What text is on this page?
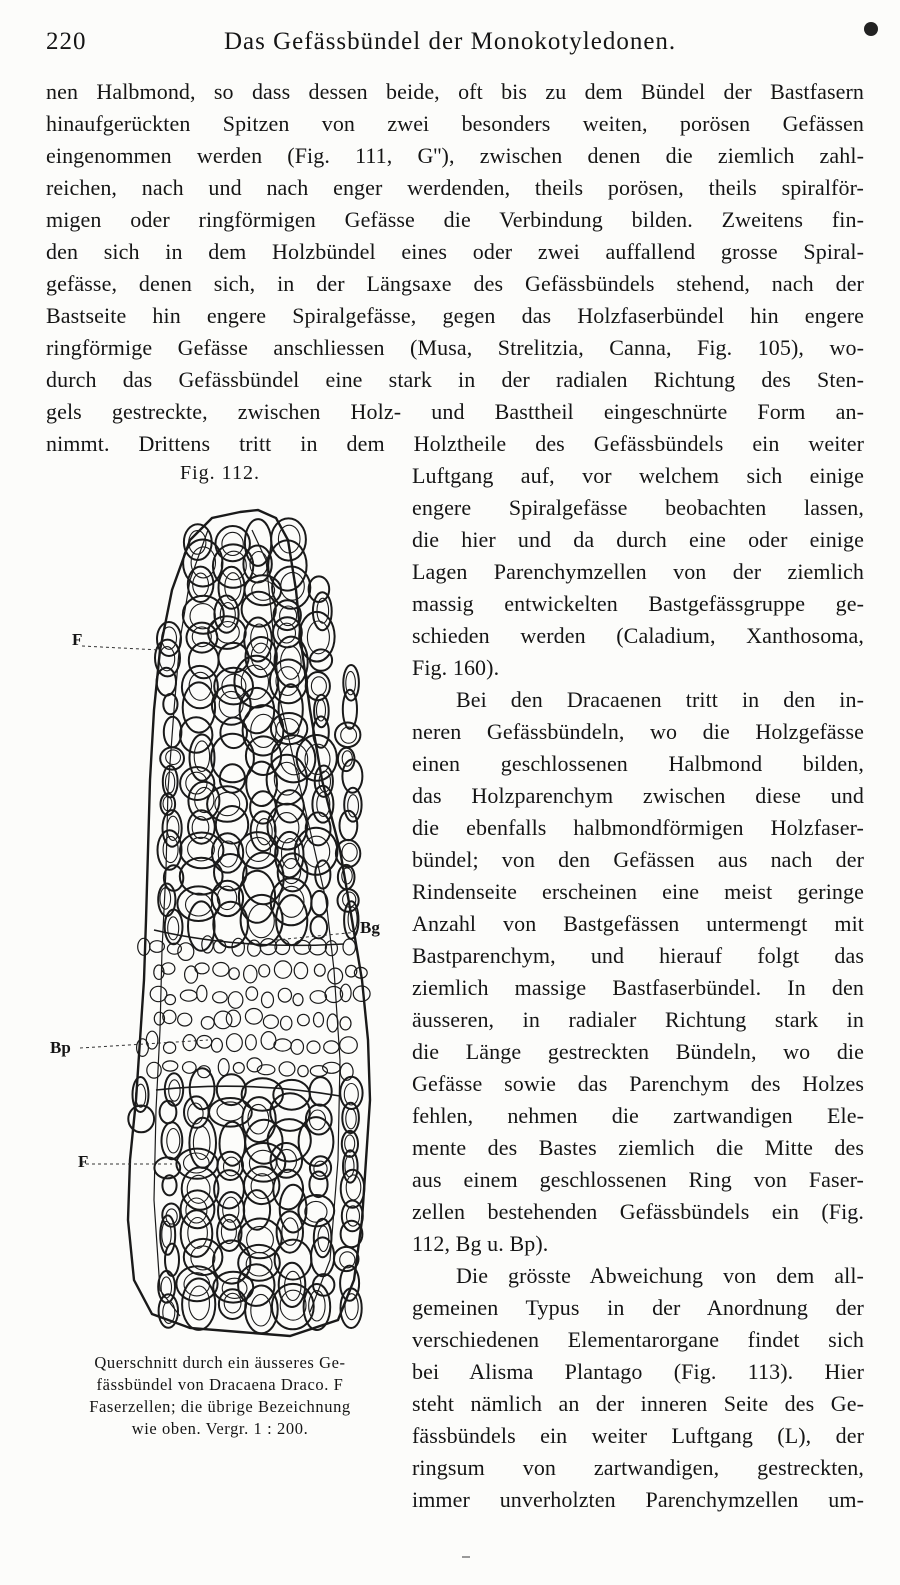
220	Das Gefässbündel der Monokotyledonen.
nen Halbmond, so dass dessen beide, oft bis zu dem Bündel der Bastfasern
hinaufgerückten Spitzen von zwei besonders weiten, porösen Gefässen
eingenommen werden (Fig. 111, G''), zwischen denen die ziemlich zahl-
reichen, nach und nach enger werdenden, theils porösen, theils spiralför-
migen oder ringförmigen Gefässe die Verbindung bilden. Zweitens fin-
den sich in dem Holzbündel eines oder zwei auffallend grosse Spiral-
gefässe, denen sich, in der Längsaxe des Gefässbündels stehend, nach der
Bastseite hin engere Spiralgefässe, gegen das Holzfaserbündel hin engere
ringförmige Gefässe anschliessen (Musa, Strelitzia, Canna, Fig. 105), wo-
durch das Gefässbündel eine stark in der radialen Richtung des Sten-
gels gestreckte, zwischen Holz- und Basttheil eingeschnürte Form an-
nimmt. Drittens tritt in dem Holztheile des Gefässbündels ein weiter
Luftgang auf, vor welchem sich einige
engere Spiralgefässe beobachten lassen,
die hier und da durch eine oder einige
Lagen Parenchymzellen von der ziemlich
massig entwickelten Bastgefässgruppe ge-
schieden werden (Caladium, Xanthosoma,
Fig. 160).
Bei den Dracaenen tritt in den in-
neren Gefässbündeln, wo die Holzgefässe
einen geschlossenen Halbmond bilden,
das Holzparenchym zwischen diese und
die ebenfalls halbmondförmigen Holzfaser-
bündel; von den Gefässen aus nach der
Rindenseite erscheinen eine meist geringe
Anzahl von Bastgefässen untermengt mit
Bastparenchym, und hierauf folgt das
ziemlich massige Bastfaserbündel. In den
äusseren, in radialer Richtung stark in
die Länge gestreckten Bündeln, wo die
Gefässe sowie das Parenchym des Holzes
fehlen, nehmen die zartwandigen Ele-
mente des Bastes ziemlich die Mitte des
aus einem geschlossenen Ring von Faser-
zellen bestehenden Gefässbündels ein (Fig.
112, Bg u. Bp).
Die grösste Abweichung von dem all-
gemeinen Typus in der Anordnung der
verschiedenen Elementarorgane findet sich
bei Alisma Plantago (Fig. 113). Hier
steht nämlich an der inneren Seite des Ge-
fässbündels ein weiter Luftgang (L), der
ringsum von zartwandigen, gestreckten,
immer unverholzten Parenchymzellen um-
Fig. 112.
F
Bg
Bp
F
Querschnitt durch ein äusseres Ge-
fässbündel von Dracaena Draco. F
Faserzellen; die übrige Bezeichnung
wie oben. Vergr. 1 : 200.
